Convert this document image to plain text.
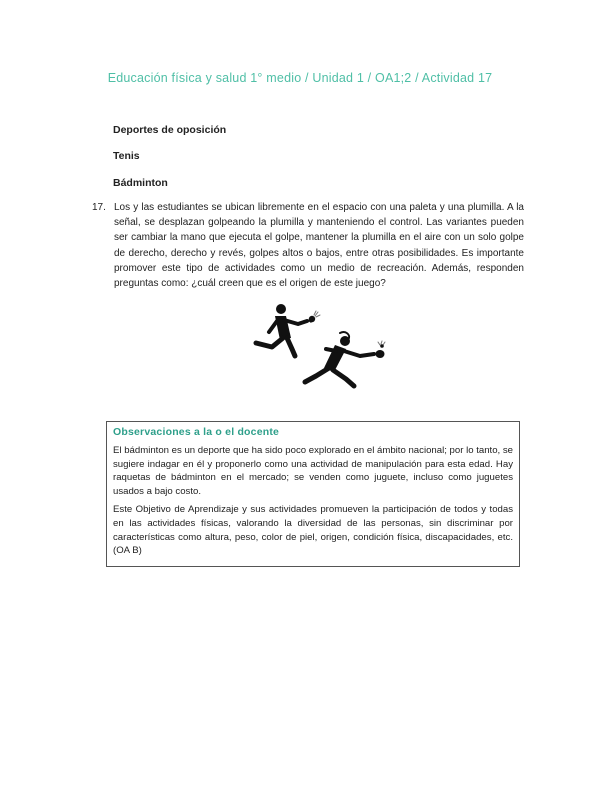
Educación física y salud 1° medio / Unidad 1 / OA1;2 / Actividad 17
Deportes de oposición
Tenis
Bádminton
17. Los y las estudiantes se ubican libremente en el espacio con una paleta y una plumilla. A la señal, se desplazan golpeando la plumilla y manteniendo el control. Las variantes pueden ser cambiar la mano que ejecuta el golpe, mantener la plumilla en el aire con un solo golpe de derecho, derecho y revés, golpes altos o bajos, entre otras posibilidades. Es importante promover este tipo de actividades como un medio de recreación. Además, responden preguntas como: ¿cuál creen que es el origen de este juego?
Observaciones a la o el docente

El bádminton es un deporte que ha sido poco explorado en el ámbito nacional; por lo tanto, se sugiere indagar en él y proponerlo como una actividad de manipulación para esta edad. Hay raquetas de bádminton en el mercado; se venden como juguete, incluso como juguetes usados a bajo costo.

Este Objetivo de Aprendizaje y sus actividades promueven la participación de todos y todas en las actividades físicas, valorando la diversidad de las personas, sin discriminar por características como altura, peso, color de piel, origen, condición física, discapacidades, etc. (OA B)
